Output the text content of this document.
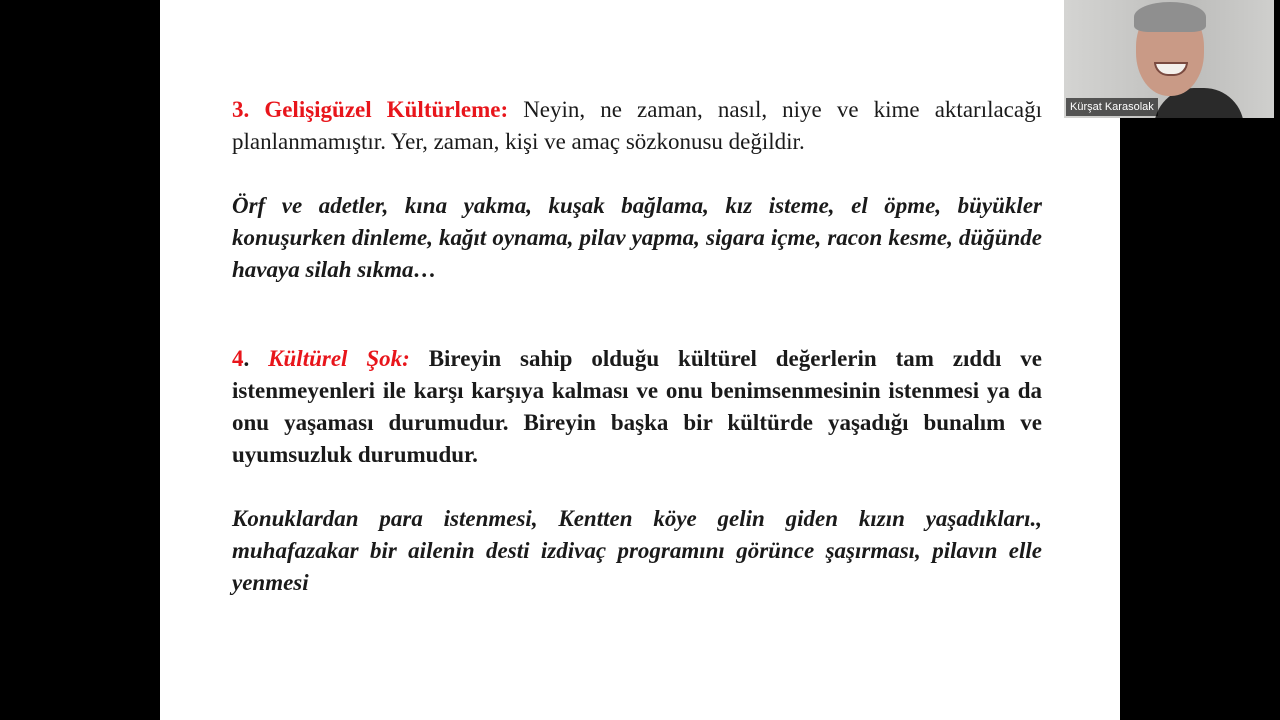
3. Gelişigüzel Kültürleme: Neyin, ne zaman, nasıl, niye ve kime aktarılacağı planlanmamıştır. Yer, zaman, kişi ve amaç sözkonusu değildir.
Örf ve adetler, kına yakma, kuşak bağlama, kız isteme, el öpme, büyükler konuşurken dinleme, kağıt oynama, pilav yapma, sigara içme, racon kesme, düğünde havaya silah sıkma…
4. Kültürel Şok: Bireyin sahip olduğu kültürel değerlerin tam zıddı ve istenmeyenleri ile karşı karşıya kalması ve onu benimsenmesinin istenmesi ya da onu yaşaması durumudur. Bireyin başka bir kültürde yaşadığı bunalım ve uyumsuzluk durumudur.
Konuklardan para istenmesi, Kentten köye gelin giden kızın yaşadıkları., muhafazakar bir ailenin desti izdivaç programını görünce şaşırması, pilavın elle yenmesi
Kürşat Karasolak
